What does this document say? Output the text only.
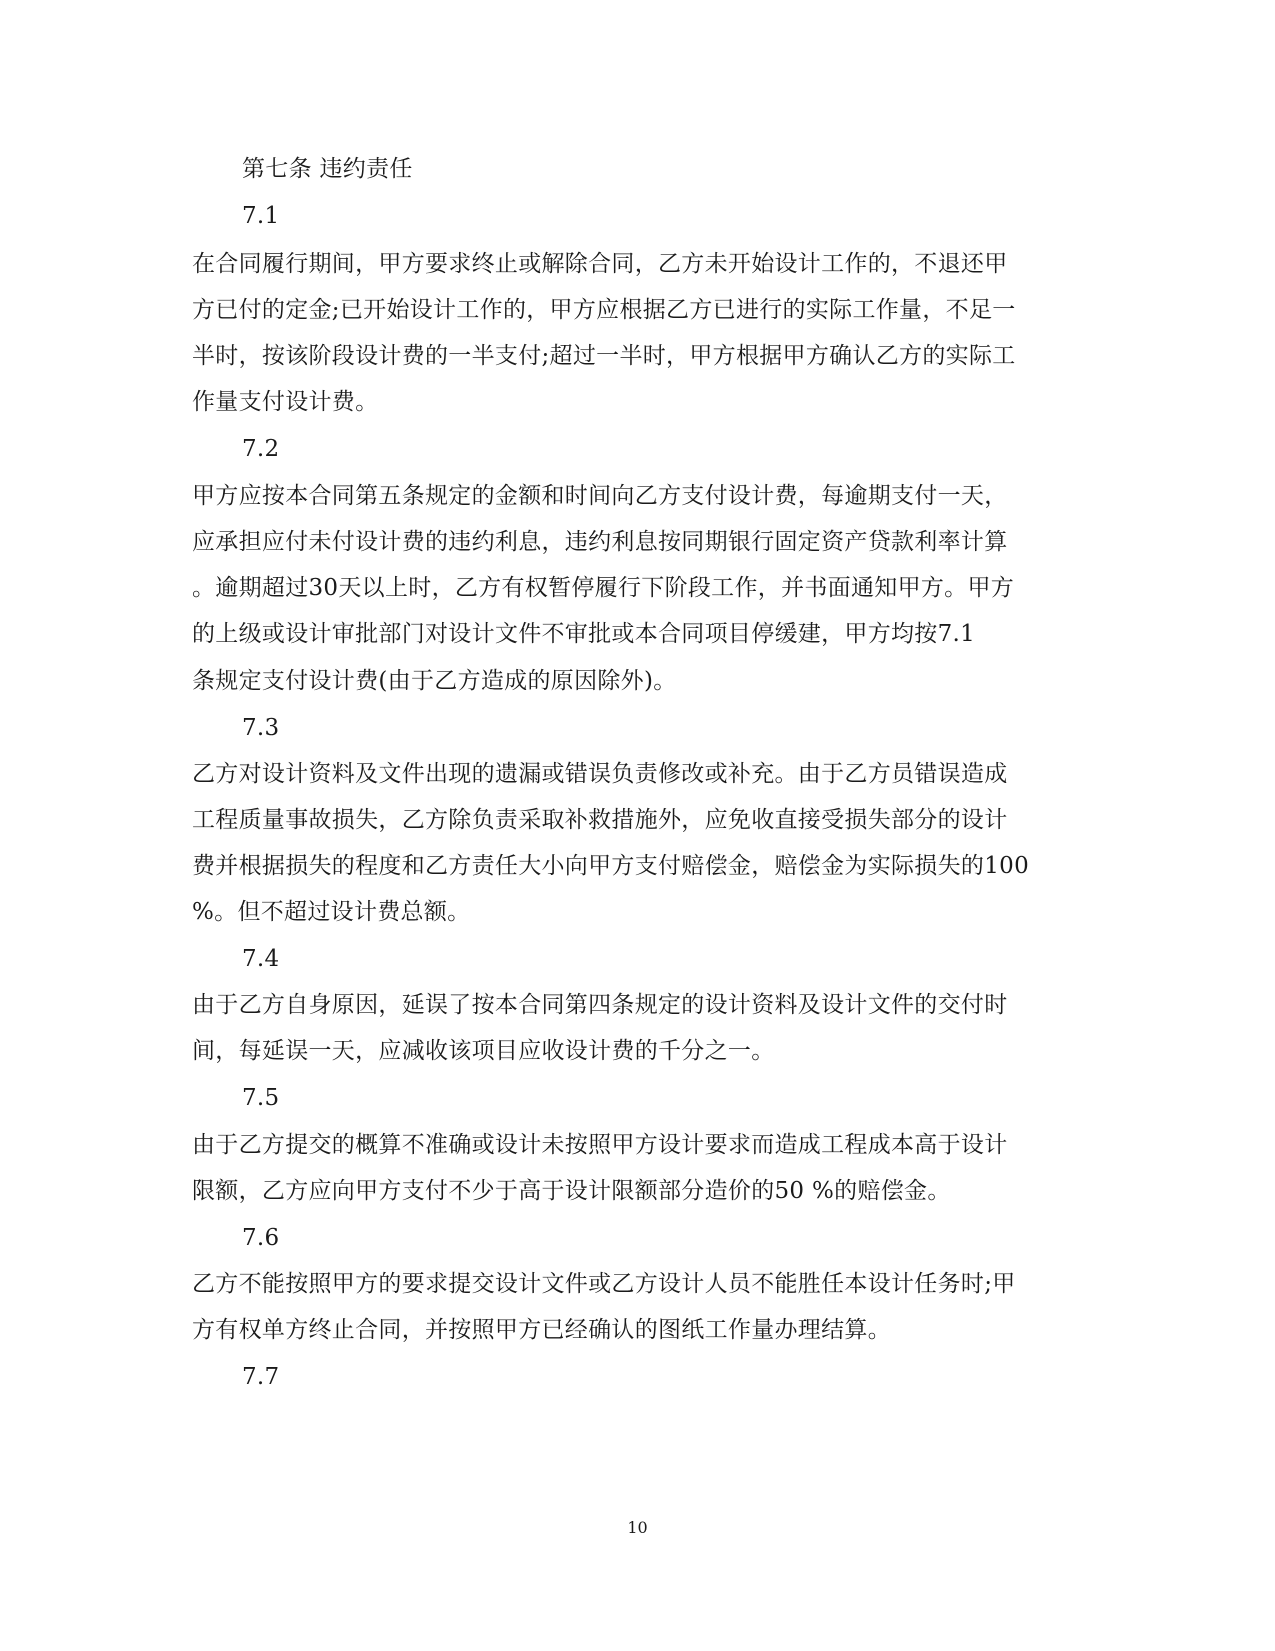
第七条 违约责任
7.1
在合同履行期间，甲方要求终止或解除合同，乙方未开始设计工作的，不退还甲
方已付的定金;已开始设计工作的，甲方应根据乙方已进行的实际工作量，不足一
半时，按该阶段设计费的一半支付;超过一半时，甲方根据甲方确认乙方的实际工
作量支付设计费。
7.2
甲方应按本合同第五条规定的金额和时间向乙方支付设计费，每逾期支付一天，
应承担应付未付设计费的违约利息，违约利息按同期银行固定资产贷款利率计算
。逾期超过30天以上时，乙方有权暂停履行下阶段工作，并书面通知甲方。甲方
的上级或设计审批部门对设计文件不审批或本合同项目停缓建，甲方均按7.1
条规定支付设计费(由于乙方造成的原因除外)。
7.3
乙方对设计资料及文件出现的遗漏或错误负责修改或补充。由于乙方员错误造成
工程质量事故损失，乙方除负责采取补救措施外，应免收直接受损失部分的设计
费并根据损失的程度和乙方责任大小向甲方支付赔偿金，赔偿金为实际损失的100
%。但不超过设计费总额。
7.4
由于乙方自身原因，延误了按本合同第四条规定的设计资料及设计文件的交付时
间，每延误一天，应减收该项目应收设计费的千分之一。
7.5
由于乙方提交的概算不准确或设计未按照甲方设计要求而造成工程成本高于设计
限额，乙方应向甲方支付不少于高于设计限额部分造价的50 %的赔偿金。
7.6
乙方不能按照甲方的要求提交设计文件或乙方设计人员不能胜任本设计任务时;甲
方有权单方终止合同，并按照甲方已经确认的图纸工作量办理结算。
7.7
10
